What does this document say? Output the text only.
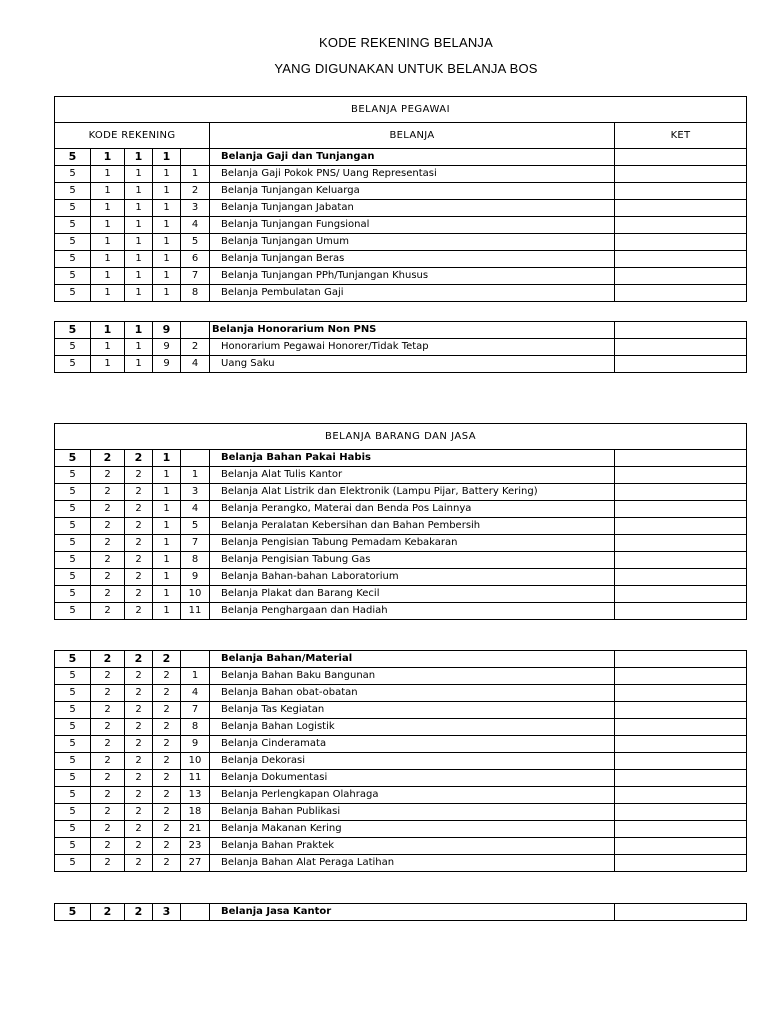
KODE REKENING BELANJA
YANG DIGUNAKAN UNTUK BELANJA BOS
BELANJA PEGAWAI						
KODE REKENING					BELANJA	KET
5	1	1	1		Belanja Gaji dan Tunjangan	
5	1	1	1	1	Belanja Gaji Pokok PNS/ Uang Representasi	
5	1	1	1	2	Belanja Tunjangan Keluarga	
5	1	1	1	3	Belanja Tunjangan Jabatan	
5	1	1	1	4	Belanja Tunjangan Fungsional	
5	1	1	1	5	Belanja Tunjangan Umum	
5	1	1	1	6	Belanja Tunjangan Beras	
5	1	1	1	7	Belanja Tunjangan PPh/Tunjangan Khusus	
5	1	1	1	8	Belanja Pembulatan Gaji	
5	1	1	9		Belanja Honorarium Non PNS	
5	1	1	9	2	Honorarium Pegawai Honorer/Tidak Tetap	
5	1	1	9	4	Uang Saku	
BELANJA BARANG DAN JASA						
5	2	2	1		Belanja Bahan Pakai Habis	
5	2	2	1	1	Belanja Alat Tulis Kantor	
5	2	2	1	3	Belanja Alat Listrik dan Elektronik (Lampu Pijar, Battery Kering)	
5	2	2	1	4	Belanja Perangko, Materai dan Benda Pos Lainnya	
5	2	2	1	5	Belanja Peralatan Kebersihan dan Bahan Pembersih	
5	2	2	1	7	Belanja Pengisian Tabung Pemadam Kebakaran	
5	2	2	1	8	Belanja Pengisian Tabung Gas	
5	2	2	1	9	Belanja Bahan-bahan Laboratorium	
5	2	2	1	10	Belanja Plakat dan Barang Kecil	
5	2	2	1	11	Belanja Penghargaan dan Hadiah	
5	2	2	2		Belanja Bahan/Material	
5	2	2	2	1	Belanja Bahan Baku Bangunan	
5	2	2	2	4	Belanja Bahan obat-obatan	
5	2	2	2	7	Belanja Tas Kegiatan	
5	2	2	2	8	Belanja Bahan Logistik	
5	2	2	2	9	Belanja Cinderamata	
5	2	2	2	10	Belanja Dekorasi	
5	2	2	2	11	Belanja Dokumentasi	
5	2	2	2	13	Belanja Perlengkapan Olahraga	
5	2	2	2	18	Belanja Bahan Publikasi	
5	2	2	2	21	Belanja Makanan Kering	
5	2	2	2	23	Belanja Bahan Praktek	
5	2	2	2	27	Belanja Bahan Alat Peraga Latihan	
5	2	2	3		Belanja Jasa Kantor	
